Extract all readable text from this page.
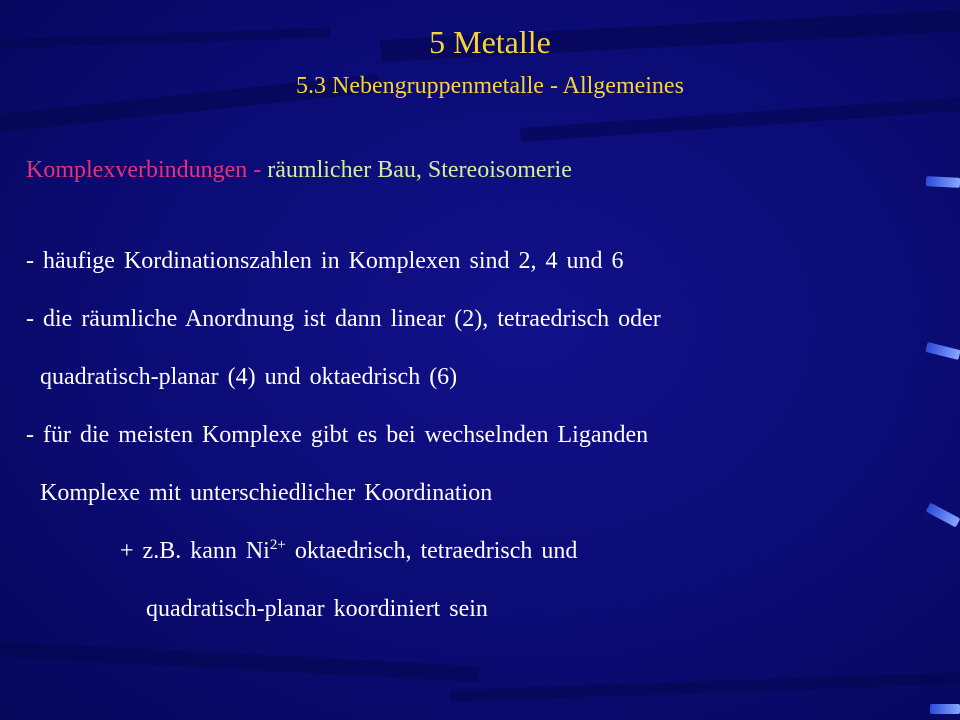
5 Metalle
5.3 Nebengruppenmetalle - Allgemeines
Komplexverbindungen - räumlicher Bau, Stereoisomerie
- häufige Kordinationszahlen in Komplexen sind 2, 4 und 6
- die räumliche Anordnung ist dann linear (2), tetraedrisch oder
quadratisch-planar (4) und oktaedrisch (6)
- für die meisten Komplexe gibt es bei wechselnden Liganden
Komplexe mit unterschiedlicher Koordination
+ z.B. kann $Ni^{2+}$ oktaedrisch, tetraedrisch und
quadratisch-planar koordiniert sein
